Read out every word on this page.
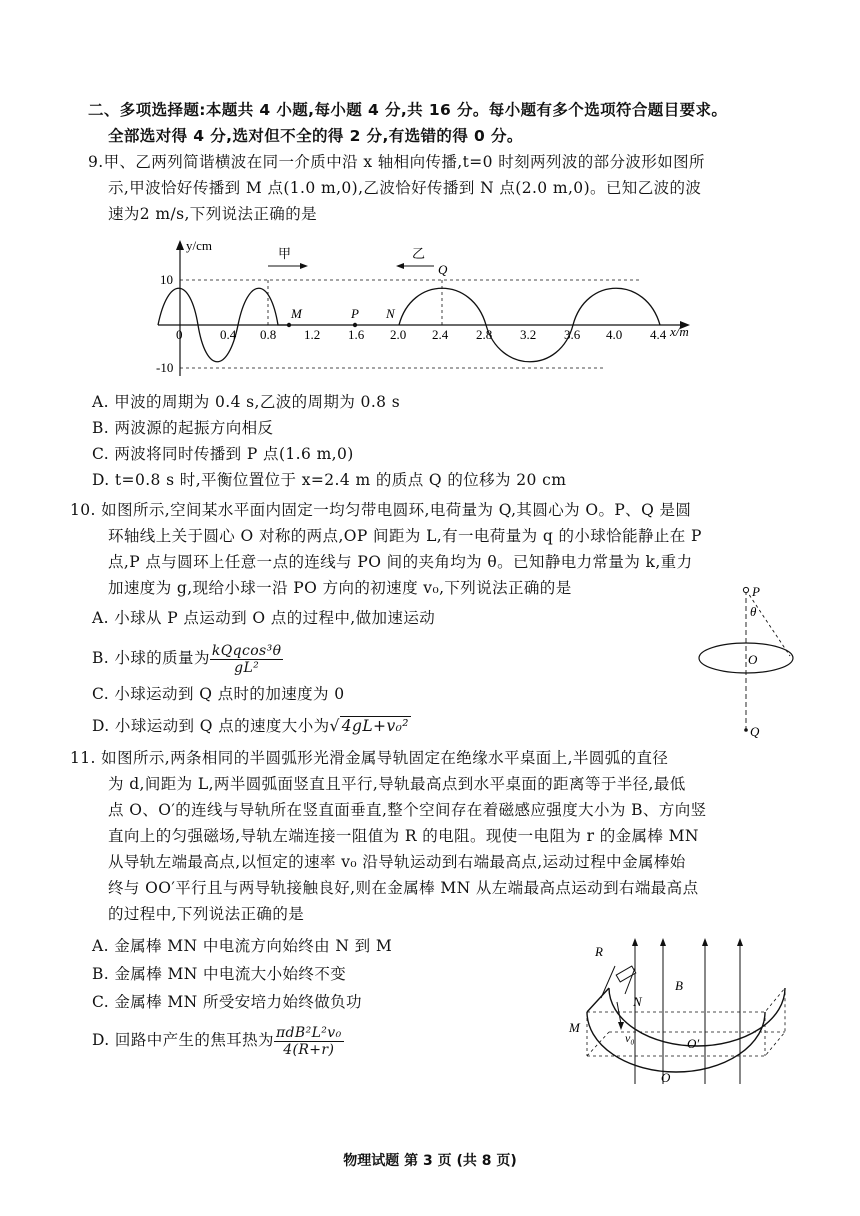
二、多项选择题:本题共 4 小题,每小题 4 分,共 16 分。每小题有多个选项符合题目要求。
全部选对得 4 分,选对但不全的得 2 分,有选错的得 0 分。
9.甲、乙两列简谐横波在同一介质中沿 x 轴相向传播,t=0 时刻两列波的部分波形如图所
示,甲波恰好传播到 M 点(1.0 m,0),乙波恰好传播到 N 点(2.0 m,0)。已知乙波的波
速为2 m/s,下列说法正确的是
y/cm
x/m
10
-10
0	0.4 0.8 1.2 1.6 2.0 2.4 2.8 3.2 3.6 4.0 4.4
M	P N
Q
甲	乙
A. 甲波的周期为 0.4 s,乙波的周期为 0.8 s
B. 两波源的起振方向相反
C. 两波将同时传播到 P 点(1.6 m,0)
D. t=0.8 s 时,平衡位置位于 x=2.4 m 的质点 Q 的位移为 20 cm
10. 如图所示,空间某水平面内固定一均匀带电圆环,电荷量为 Q,其圆心为 O。P、Q 是圆
环轴线上关于圆心 O 对称的两点,OP 间距为 L,有一电荷量为 q 的小球恰能静止在 P
点,P 点与圆环上任意一点的连线与 PO 间的夹角均为 θ。已知静电力常量为 k,重力
加速度为 g,现给小球一沿 PO 方向的初速度 v₀,下列说法正确的是
A. 小球从 P 点运动到 O 点的过程中,做加速运动
B. 小球的质量为 $\frac{\text{kQqcos³θ}}{\text{gL²}}$
C. 小球运动到 Q 点时的加速度为 0
D. 小球运动到 Q 点的速度大小为√ 4gL+v₀²
P
θ
O
Q
11. 如图所示,两条相同的半圆弧形光滑金属导轨固定在绝缘水平桌面上,半圆弧的直径
为 d,间距为 L,两半圆弧面竖直且平行,导轨最高点到水平桌面的距离等于半径,最低
点 O、O′的连线与导轨所在竖直面垂直,整个空间存在着磁感应强度大小为 B、方向竖
直向上的匀强磁场,导轨左端连接一阻值为 R 的电阻。现使一电阻为 r 的金属棒 MN
从导轨左端最高点,以恒定的速率 v₀ 沿导轨运动到右端最高点,运动过程中金属棒始
终与 OO′平行且与两导轨接触良好,则在金属棒 MN 从左端最高点运动到右端最高点
的过程中,下列说法正确的是
A. 金属棒 MN 中电流方向始终由 N 到 M
B. 金属棒 MN 中电流大小始终不变
C. 金属棒 MN 所受安培力始终做负功
D. 回路中产生的焦耳热为 $\frac{\text{πdB²L²v₀}}{4(R+r)}$
R
N
M
B
v₀	O′
O
物理试题 第 3 页 (共 8 页)
